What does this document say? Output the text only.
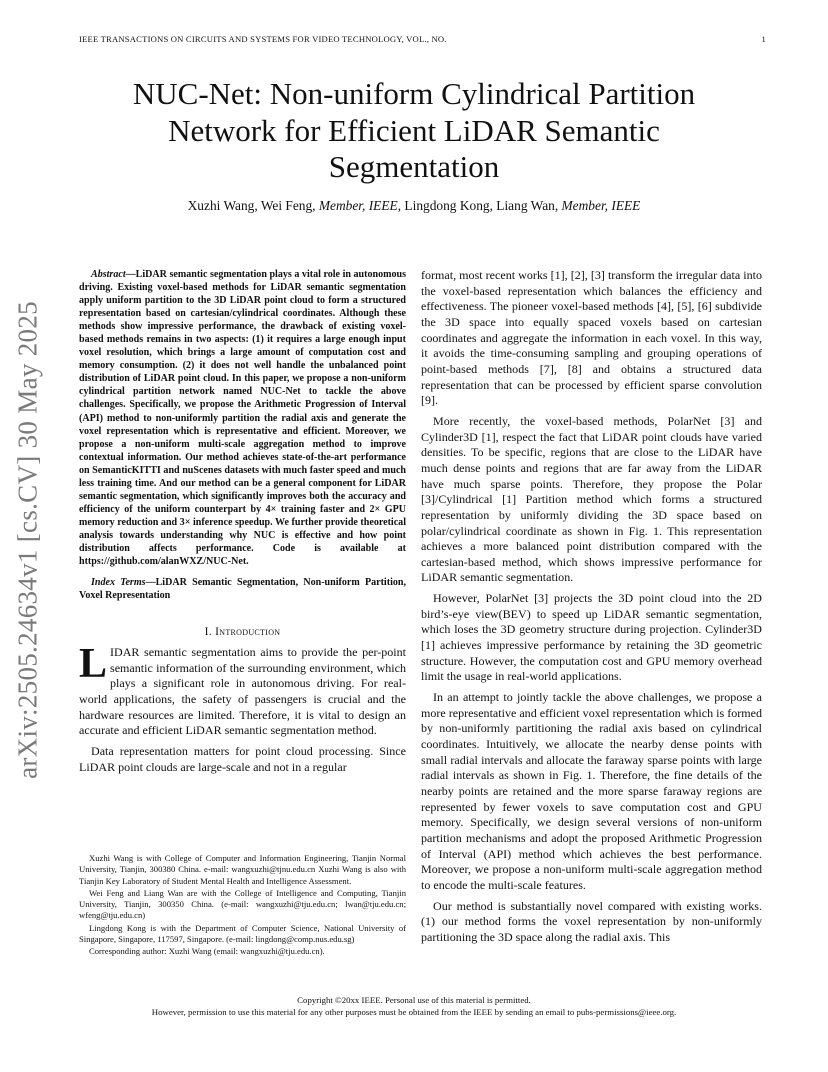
IEEE TRANSACTIONS ON CIRCUITS AND SYSTEMS FOR VIDEO TECHNOLOGY, VOL., NO.	1
arXiv:2505.24634v1 [cs.CV] 30 May 2025
NUC-Net: Non-uniform Cylindrical Partition Network for Efficient LiDAR Semantic Segmentation
Xuzhi Wang, Wei Feng, Member, IEEE, Lingdong Kong, Liang Wan, Member, IEEE

Abstract—LiDAR semantic segmentation plays a vital role in autonomous driving. Existing voxel-based methods for LiDAR semantic segmentation apply uniform partition to the 3D LiDAR point cloud to form a structured representation based on cartesian/cylindrical coordinates. Although these methods show impressive performance, the drawback of existing voxel-based methods remains in two aspects: (1) it requires a large enough input voxel resolution, which brings a large amount of computation cost and memory consumption. (2) it does not well handle the unbalanced point distribution of LiDAR point cloud. In this paper, we propose a non-uniform cylindrical partition network named NUC-Net to tackle the above challenges. Specifically, we propose the Arithmetic Progression of Interval (API) method to non-uniformly partition the radial axis and generate the voxel representation which is representative and efficient. Moreover, we propose a non-uniform multi-scale aggregation method to improve contextual information. Our method achieves state-of-the-art performance on SemanticKITTI and nuScenes datasets with much faster speed and much less training time. And our method can be a general component for LiDAR semantic segmentation, which significantly improves both the accuracy and efficiency of the uniform counterpart by 4× training faster and 2× GPU memory reduction and 3× inference speedup. We further provide theoretical analysis towards understanding why NUC is effective and how point distribution affects performance. Code is available at https://github.com/alanWXZ/NUC-Net.

Index Terms—LiDAR Semantic Segmentation, Non-uniform Partition, Voxel Representation

I. Introduction

LIDAR semantic segmentation aims to provide the per-point semantic information of the surrounding environment, which plays a significant role in autonomous driving. For real-world applications, the safety of passengers is crucial and the hardware resources are limited. Therefore, it is vital to design an accurate and efficient LiDAR semantic segmentation method.

Data representation matters for point cloud processing. Since LiDAR point clouds are large-scale and not in a regular

Xuzhi Wang is with College of Computer and Information Engineering, Tianjin Normal University, Tianjin, 300380 China. e-mail: wangxuzhi@tjnu.edu.cn Xuzhi Wang is also with Tianjin Key Laboratory of Student Mental Health and Intelligence Assessment.

Wei Feng and Liang Wan are with the College of Intelligence and Computing, Tianjin University, Tianjin, 300350 China. (e-mail: wangxuzhi@tju.edu.cn; lwan@tju.edu.cn; wfeng@tju.edu.cn)

Lingdong Kong is with the Department of Computer Science, National University of Singapore, Singapore, 117597, Singapore. (e-mail: lingdong@comp.nus.edu.sg)

Corresponding author: Xuzhi Wang (email: wangxuzhi@tju.edu.cn).

format, most recent works [1], [2], [3] transform the irregular data into the voxel-based representation which balances the efficiency and effectiveness. The pioneer voxel-based methods [4], [5], [6] subdivide the 3D space into equally spaced voxels based on cartesian coordinates and aggregate the information in each voxel. In this way, it avoids the time-consuming sampling and grouping operations of point-based methods [7], [8] and obtains a structured data representation that can be processed by efficient sparse convolution [9].

More recently, the voxel-based methods, PolarNet [3] and Cylinder3D [1], respect the fact that LiDAR point clouds have varied densities. To be specific, regions that are close to the LiDAR have much dense points and regions that are far away from the LiDAR have much sparse points. Therefore, they propose the Polar [3]/Cylindrical [1] Partition method which forms a structured representation by uniformly dividing the 3D space based on polar/cylindrical coordinate as shown in Fig. 1. This representation achieves a more balanced point distribution compared with the cartesian-based method, which shows impressive performance for LiDAR semantic segmentation.

However, PolarNet [3] projects the 3D point cloud into the 2D bird’s-eye view(BEV) to speed up LiDAR semantic segmentation, which loses the 3D geometry structure during projection. Cylinder3D [1] achieves impressive performance by retaining the 3D geometric structure. However, the computation cost and GPU memory overhead limit the usage in real-world applications.

In an attempt to jointly tackle the above challenges, we propose a more representative and efficient voxel representation which is formed by non-uniformly partitioning the radial axis based on cylindrical coordinates. Intuitively, we allocate the nearby dense points with small radial intervals and allocate the faraway sparse points with large radial intervals as shown in Fig. 1. Therefore, the fine details of the nearby points are retained and the more sparse faraway regions are represented by fewer voxels to save computation cost and GPU memory. Specifically, we design several versions of non-uniform partition mechanisms and adopt the proposed Arithmetic Progression of Interval (API) method which achieves the best performance. Moreover, we propose a non-uniform multi-scale aggregation method to encode the multi-scale features.

Our method is substantially novel compared with existing works. (1) our method forms the voxel representation by non-uniformly partitioning the 3D space along the radial axis. This

Copyright ©20xx IEEE. Personal use of this material is permitted.
However, permission to use this material for any other purposes must be obtained from the IEEE by sending an email to pubs-permissions@ieee.org.
